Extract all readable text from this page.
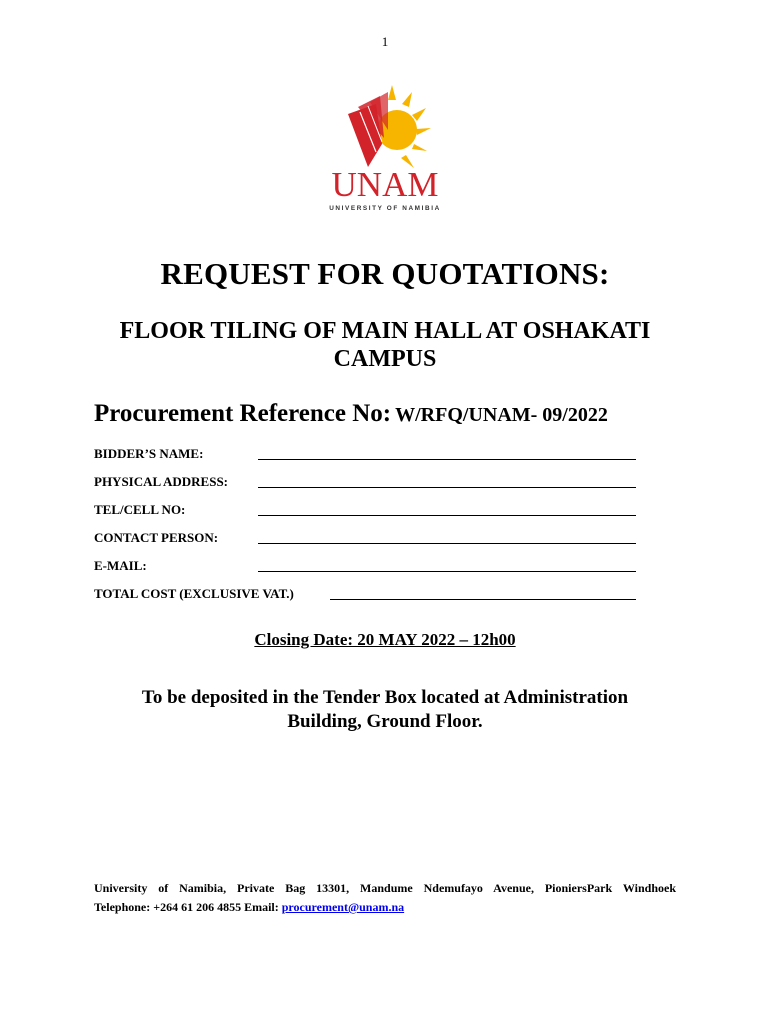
1
UNAM
UNIVERSITY OF NAMIBIA
REQUEST FOR QUOTATIONS:
FLOOR TILING OF MAIN HALL AT OSHAKATI
CAMPUS
Procurement Reference No: W/RFQ/UNAM- 09/2022
BIDDER’S NAME:
PHYSICAL ADDRESS:
TEL/CELL NO:
CONTACT PERSON:
E-MAIL:
TOTAL COST (EXCLUSIVE VAT.)
Closing Date: 20 MAY 2022 – 12h00
To be deposited in the Tender Box located at Administration
Building, Ground Floor.
University of Namibia, Private Bag 13301, Mandume Ndemufayo Avenue, PioniersPark Windhoek
Telephone: +264 61 206 4855 Email: procurement@unam.na
